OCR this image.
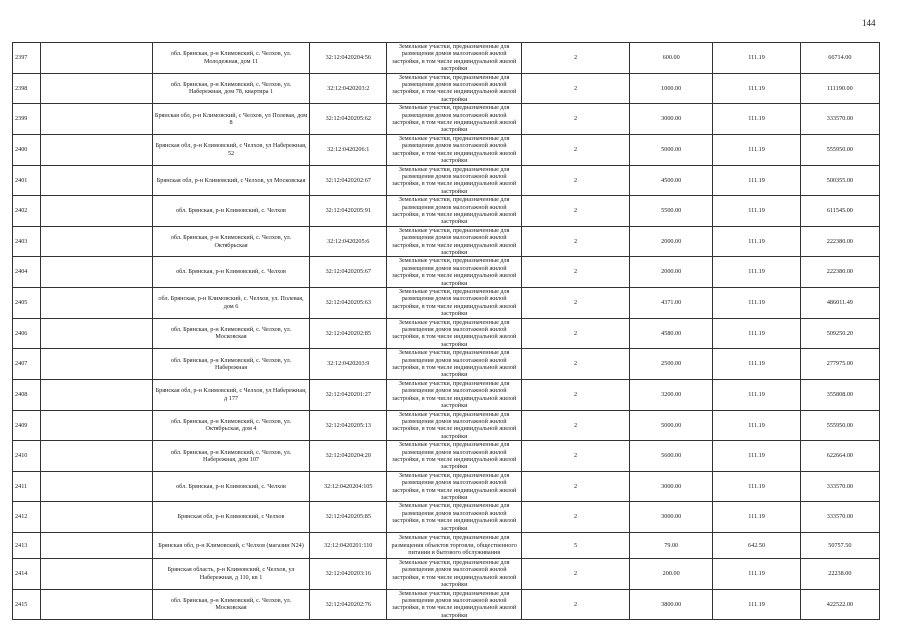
144
2397		обл. Брянская, р-н Климовский, с. Челхов, ул. Молодежная, дом 11	32:12:0420204:56	Земельные участки, предназначенные для размещения домов малоэтажной жилой застройки, в том числе индивидуальной жилой застройки	2	600.00	111.19	66714.00
2398		обл. Брянская, р-н Климовский, с. Челхов, ул. Набережная, дом 78, квартира 1	32:12:0420203:2	Земельные участки, предназначенные для размещения домов малоэтажной жилой застройки, в том числе индивидуальной жилой застройки	2	1000.00	111.19	111190.00
2399		Брянская обл, р-н Климовский, с Челхов, ул Полевая, дом 8	32:12:0420205:62	Земельные участки, предназначенные для размещения домов малоэтажной жилой застройки, в том числе индивидуальной жилой застройки	2	3000.00	111.19	333570.00
2400		Брянская обл, р-н Климовский, с Челхов, ул Набережная, 52	32:12:0420206:1	Земельные участки, предназначенные для размещения домов малоэтажной жилой застройки, в том числе индивидуальной жилой застройки	2	5000.00	111.19	555950.00
2401		Брянская обл, р-н Климовский, с Челхов, ул Московская	32:12:0420202:67	Земельные участки, предназначенные для размещения домов малоэтажной жилой застройки, в том числе индивидуальной жилой застройки	2	4500.00	111.19	500355.00
2402		обл. Брянская, р-н Климовский, с. Челхов	32:12:0420205:91	Земельные участки, предназначенные для размещения домов малоэтажной жилой застройки, в том числе индивидуальной жилой застройки	2	5500.00	111.19	611545.00
2403		обл. Брянская, р-н Климовский, с. Челхов, ул. Октябрьская	32:12:0420205:6	Земельные участки, предназначенные для размещения домов малоэтажной жилой застройки, в том числе индивидуальной жилой застройки	2	2000.00	111.19	222380.00
2404		обл. Брянская, р-н Климовский, с. Челхов	32:12:0420205:67	Земельные участки, предназначенные для размещения домов малоэтажной жилой застройки, в том числе индивидуальной жилой застройки	2	2000.00	111.19	222380.00
2405		обл. Брянская, р-н Климовский, с. Челхов, ул. Полевая, дом 6	32:12:0420205:63	Земельные участки, предназначенные для размещения домов малоэтажной жилой застройки, в том числе индивидуальной жилой застройки	2	4371.00	111.19	486011.49
2406		обл. Брянская, р-н Климовский, с. Челхов, ул. Московская	32:12:0420202:85	Земельные участки, предназначенные для размещения домов малоэтажной жилой застройки, в том числе индивидуальной жилой застройки	2	4580.00	111.19	509250.20
2407		обл. Брянская, р-н Климовский, с. Челхов, ул. Набережная	32:12:0420203:9	Земельные участки, предназначенные для размещения домов малоэтажной жилой застройки, в том числе индивидуальной жилой застройки	2	2500.00	111.19	277975.00
2408		Брянская обл, р-н Климовский, с Челхов, ул Набережная, д 177	32:12:0420201:27	Земельные участки, предназначенные для размещения домов малоэтажной жилой застройки, в том числе индивидуальной жилой застройки	2	3200.00	111.19	355808.00
2409		обл. Брянская, р-н Климовский, с. Челхов, ул. Октябрьская, дом 4	32:12:0420205:13	Земельные участки, предназначенные для размещения домов малоэтажной жилой застройки, в том числе индивидуальной жилой застройки	2	5000.00	111.19	555950.00
2410		обл. Брянская, р-н Климовский, с. Челхов, ул. Набережная, дом 107	32:12:0420204:20	Земельные участки, предназначенные для размещения домов малоэтажной жилой застройки, в том числе индивидуальной жилой застройки	2	5600.00	111.19	622664.00
2411		обл. Брянская, р-н Климовский, с. Челхов	32:12:0420204:105	Земельные участки, предназначенные для размещения домов малоэтажной жилой застройки, в том числе индивидуальной жилой застройки	2	3000.00	111.19	333570.00
2412		Брянская обл, р-н Климовский, с Челхов	32:12:0420205:85	Земельные участки, предназначенные для размещения домов малоэтажной жилой застройки, в том числе индивидуальной жилой застройки	2	3000.00	111.19	333570.00
2413		Брянская обл, р-н Климовский, с Челхов (магазин N24)	32:12:0420201:110	Земельные участки, предназначенные для размещения объектов торговли, общественного питания и бытового обслуживания	5	79.00	642.50	50757.50
2414		Брянская область, р-н Климовский, с Челхов, ул Набережная, д 110, кв 1	32:12:0420203:16	Земельные участки, предназначенные для размещения домов малоэтажной жилой застройки, в том числе индивидуальной жилой застройки	2	200.00	111.19	22238.00
2415		обл. Брянская, р-н Климовский, с. Челхов, ул. Московская	32:12:0420202:76	Земельные участки, предназначенные для размещения домов малоэтажной жилой застройки, в том числе индивидуальной жилой застройки	2	3800.00	111.19	422522.00
